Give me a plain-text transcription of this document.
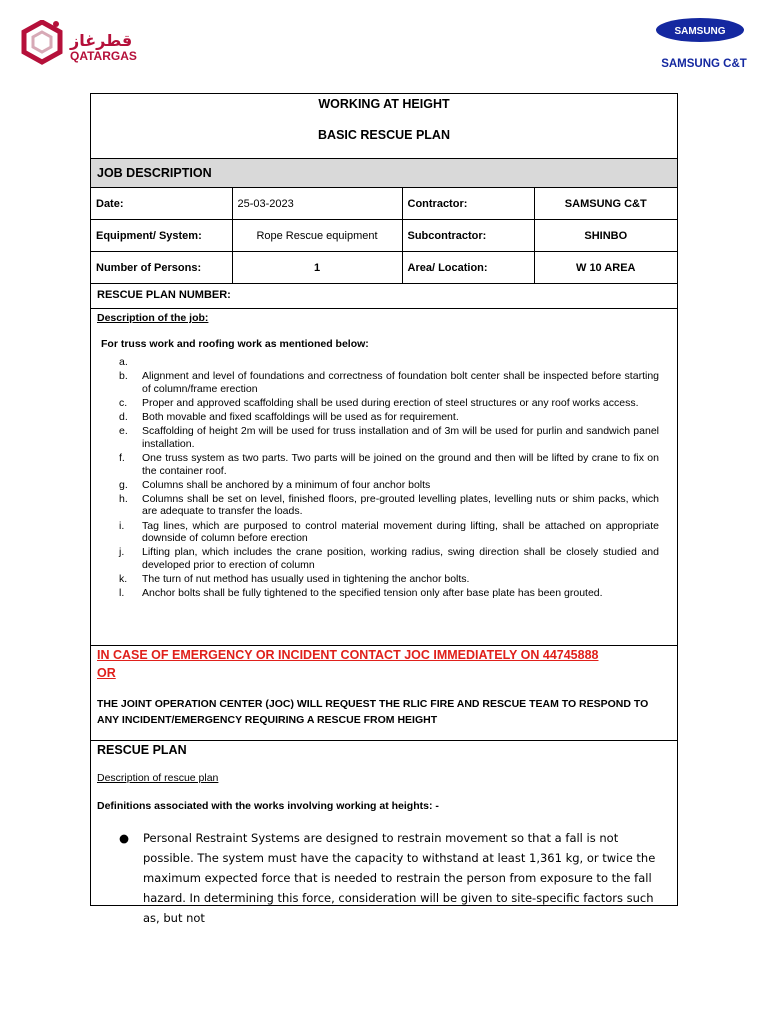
قطرغاز
QATARGAS
SAMSUNG
SAMSUNG C&T
WORKING AT HEIGHT
BASIC RESCUE PLAN
JOB DESCRIPTION
Date:	25-03-2023	Contractor:	SAMSUNG C&T
Equipment/ System:	Rope Rescue equipment	Subcontractor:	SHINBO
Number of Persons:	1	Area/ Location:	W 10 AREA
RESCUE PLAN NUMBER:
Description of the job:
For truss work and roofing work as mentioned below:
a.
b. Alignment and level of foundations and correctness of foundation bolt center shall be inspected before starting of column/frame erection
c. Proper and approved scaffolding shall be used during erection of steel structures or any roof works access.
d. Both movable and fixed scaffoldings will be used as for requirement.
e. Scaffolding of height 2m will be used for truss installation and of 3m will be used for purlin and sandwich panel installation.
f. One truss system as two parts. Two parts will be joined on the ground and then will be lifted by crane to fix on the container roof.
g. Columns shall be anchored by a minimum of four anchor bolts
h. Columns shall be set on level, finished floors, pre-grouted levelling plates, levelling nuts or shim packs, which are adequate to transfer the loads.
i. Tag lines, which are purposed to control material movement during lifting, shall be attached on appropriate downside of column before erection
j. Lifting plan, which includes the crane position, working radius, swing direction shall be closely studied and developed prior to erection of column
k. The turn of nut method has usually used in tightening the anchor bolts.
l. Anchor bolts shall be fully tightened to the specified tension only after base plate has been grouted.
IN CASE OF EMERGENCY OR INCIDENT CONTACT JOC IMMEDIATELY ON 44745888
OR
THE JOINT OPERATION CENTER (JOC) WILL REQUEST THE RLIC FIRE AND RESCUE TEAM TO RESPOND TO ANY INCIDENT/EMERGENCY REQUIRING A RESCUE FROM HEIGHT
RESCUE PLAN
Description of rescue plan
Definitions associated with the works involving working at heights: -
●	Personal Restraint Systems are designed to restrain movement so that a fall is not possible. The system must have the capacity to withstand at least 1,361 kg, or twice the maximum expected force that is needed to restrain the person from exposure to the fall hazard. In determining this force, consideration will be given to site-specific factors such as, but not
